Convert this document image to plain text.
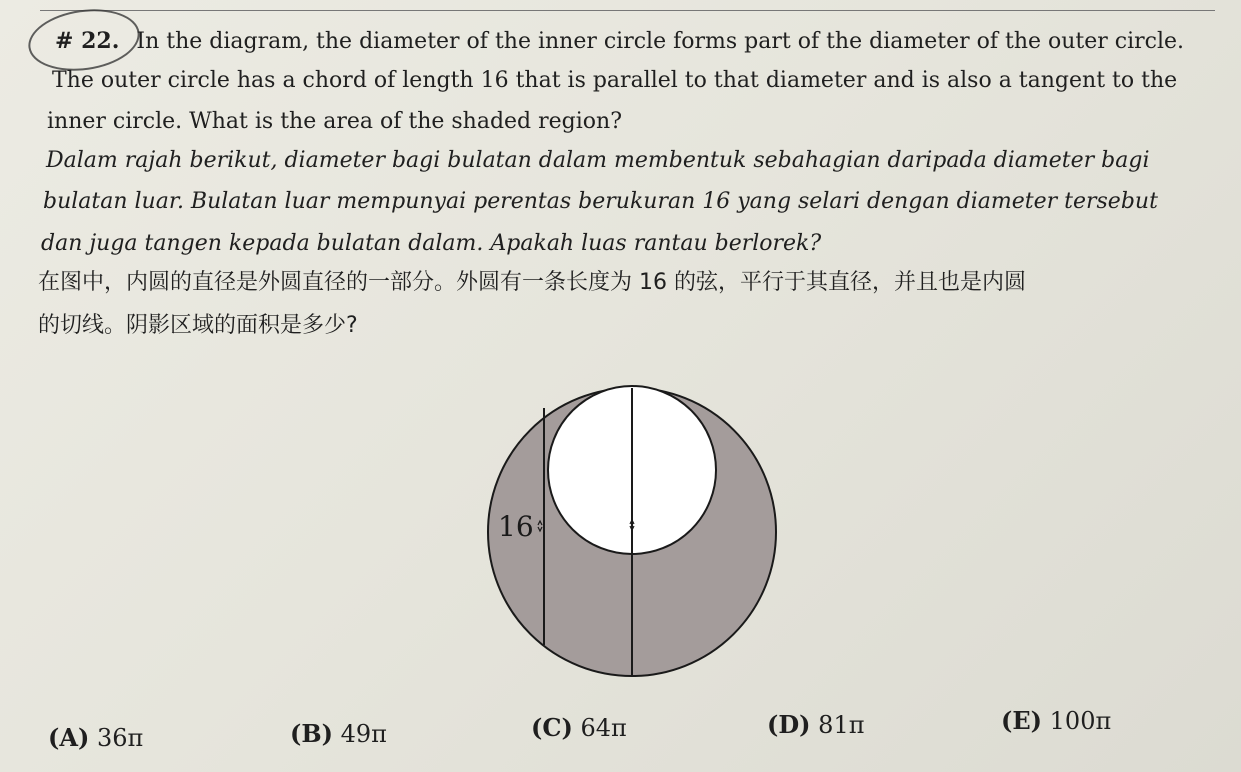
# 22. In the diagram, the diameter of the inner circle forms part of the diameter of the outer circle.
The outer circle has a chord of length 16 that is parallel to that diameter and is also a tangent to the
inner circle. What is the area of the shaded region?
Dalam rajah berikut, diameter bagi bulatan dalam membentuk sebahagian daripada diameter bagi
bulatan luar. Bulatan luar mempunyai perentas berukuran 16 yang selari dengan diameter tersebut
dan juga tangen kepada bulatan dalam. Apakah luas rantau berlorek?
在图中，内圆的直径是外圆直径的一部分。外圆有一条长度为 16 的弦，平行于其直径，并且也是内圆
的切线。阴影区域的面积是多少?
16
(A) 36π	(B) 49π	(C) 64π	(D) 81π	(E) 100π
